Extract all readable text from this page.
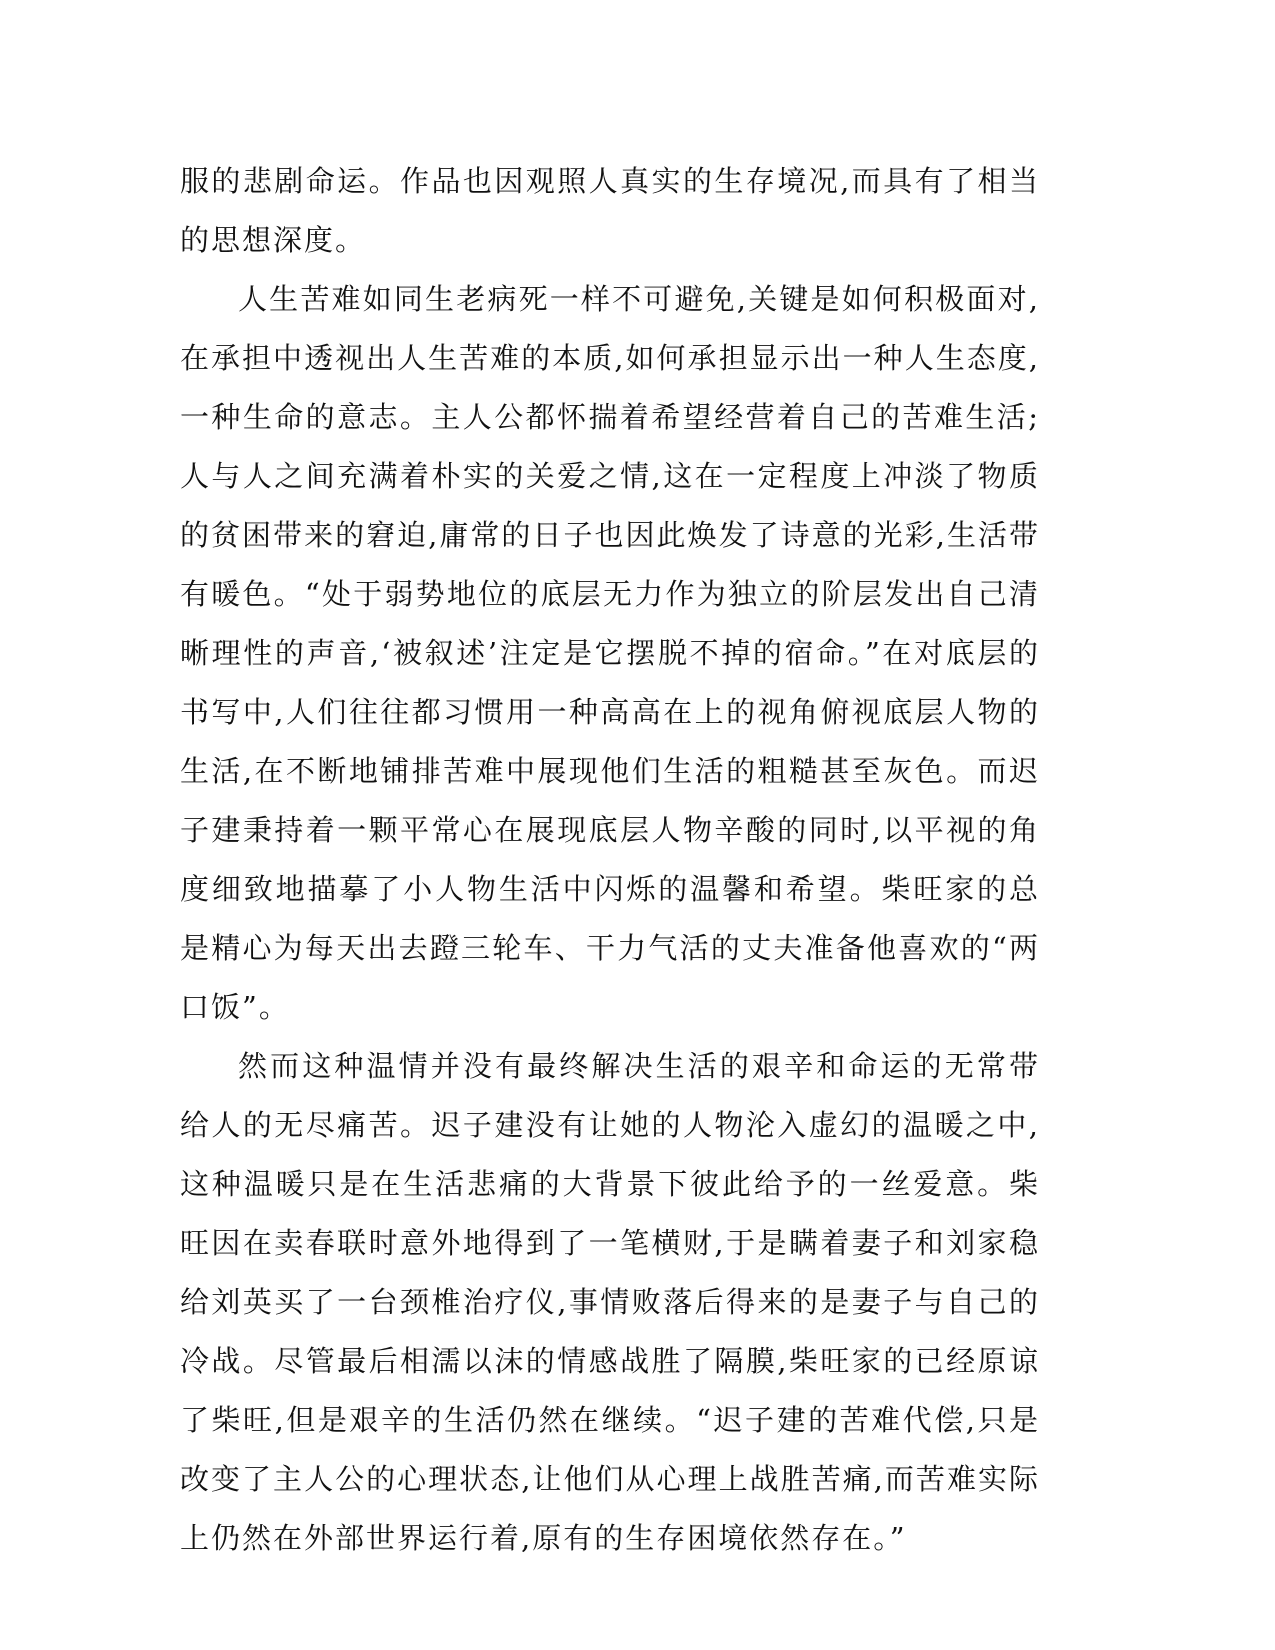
服的悲剧命运。作品也因观照人真实的生存境况,而具有了相当的思想深度。

人生苦难如同生老病死一样不可避免,关键是如何积极面对,在承担中透视出人生苦难的本质,如何承担显示出一种人生态度,一种生命的意志。主人公都怀揣着希望经营着自己的苦难生活;人与人之间充满着朴实的关爱之情,这在一定程度上冲淡了物质的贫困带来的窘迫,庸常的日子也因此焕发了诗意的光彩,生活带有暖色。“处于弱势地位的底层无力作为独立的阶层发出自己清晰理性的声音,‘被叙述’注定是它摆脱不掉的宿命。”在对底层的书写中,人们往往都习惯用一种高高在上的视角俯视底层人物的生活,在不断地铺排苦难中展现他们生活的粗糙甚至灰色。而迟子建秉持着一颗平常心在展现底层人物辛酸的同时,以平视的角度细致地描摹了小人物生活中闪烁的温馨和希望。柴旺家的总是精心为每天出去蹬三轮车、干力气活的丈夫准备他喜欢的“两口饭”。

然而这种温情并没有最终解决生活的艰辛和命运的无常带给人的无尽痛苦。迟子建没有让她的人物沦入虚幻的温暖之中,这种温暖只是在生活悲痛的大背景下彼此给予的一丝爱意。柴旺因在卖春联时意外地得到了一笔横财,于是瞒着妻子和刘家稳给刘英买了一台颈椎治疗仪,事情败落后得来的是妻子与自己的冷战。尽管最后相濡以沫的情感战胜了隔膜,柴旺家的已经原谅了柴旺,但是艰辛的生活仍然在继续。“迟子建的苦难代偿,只是改变了主人公的心理状态,让他们从心理上战胜苦痛,而苦难实际上仍然在外部世界运行着,原有的生存困境依然存在。”
